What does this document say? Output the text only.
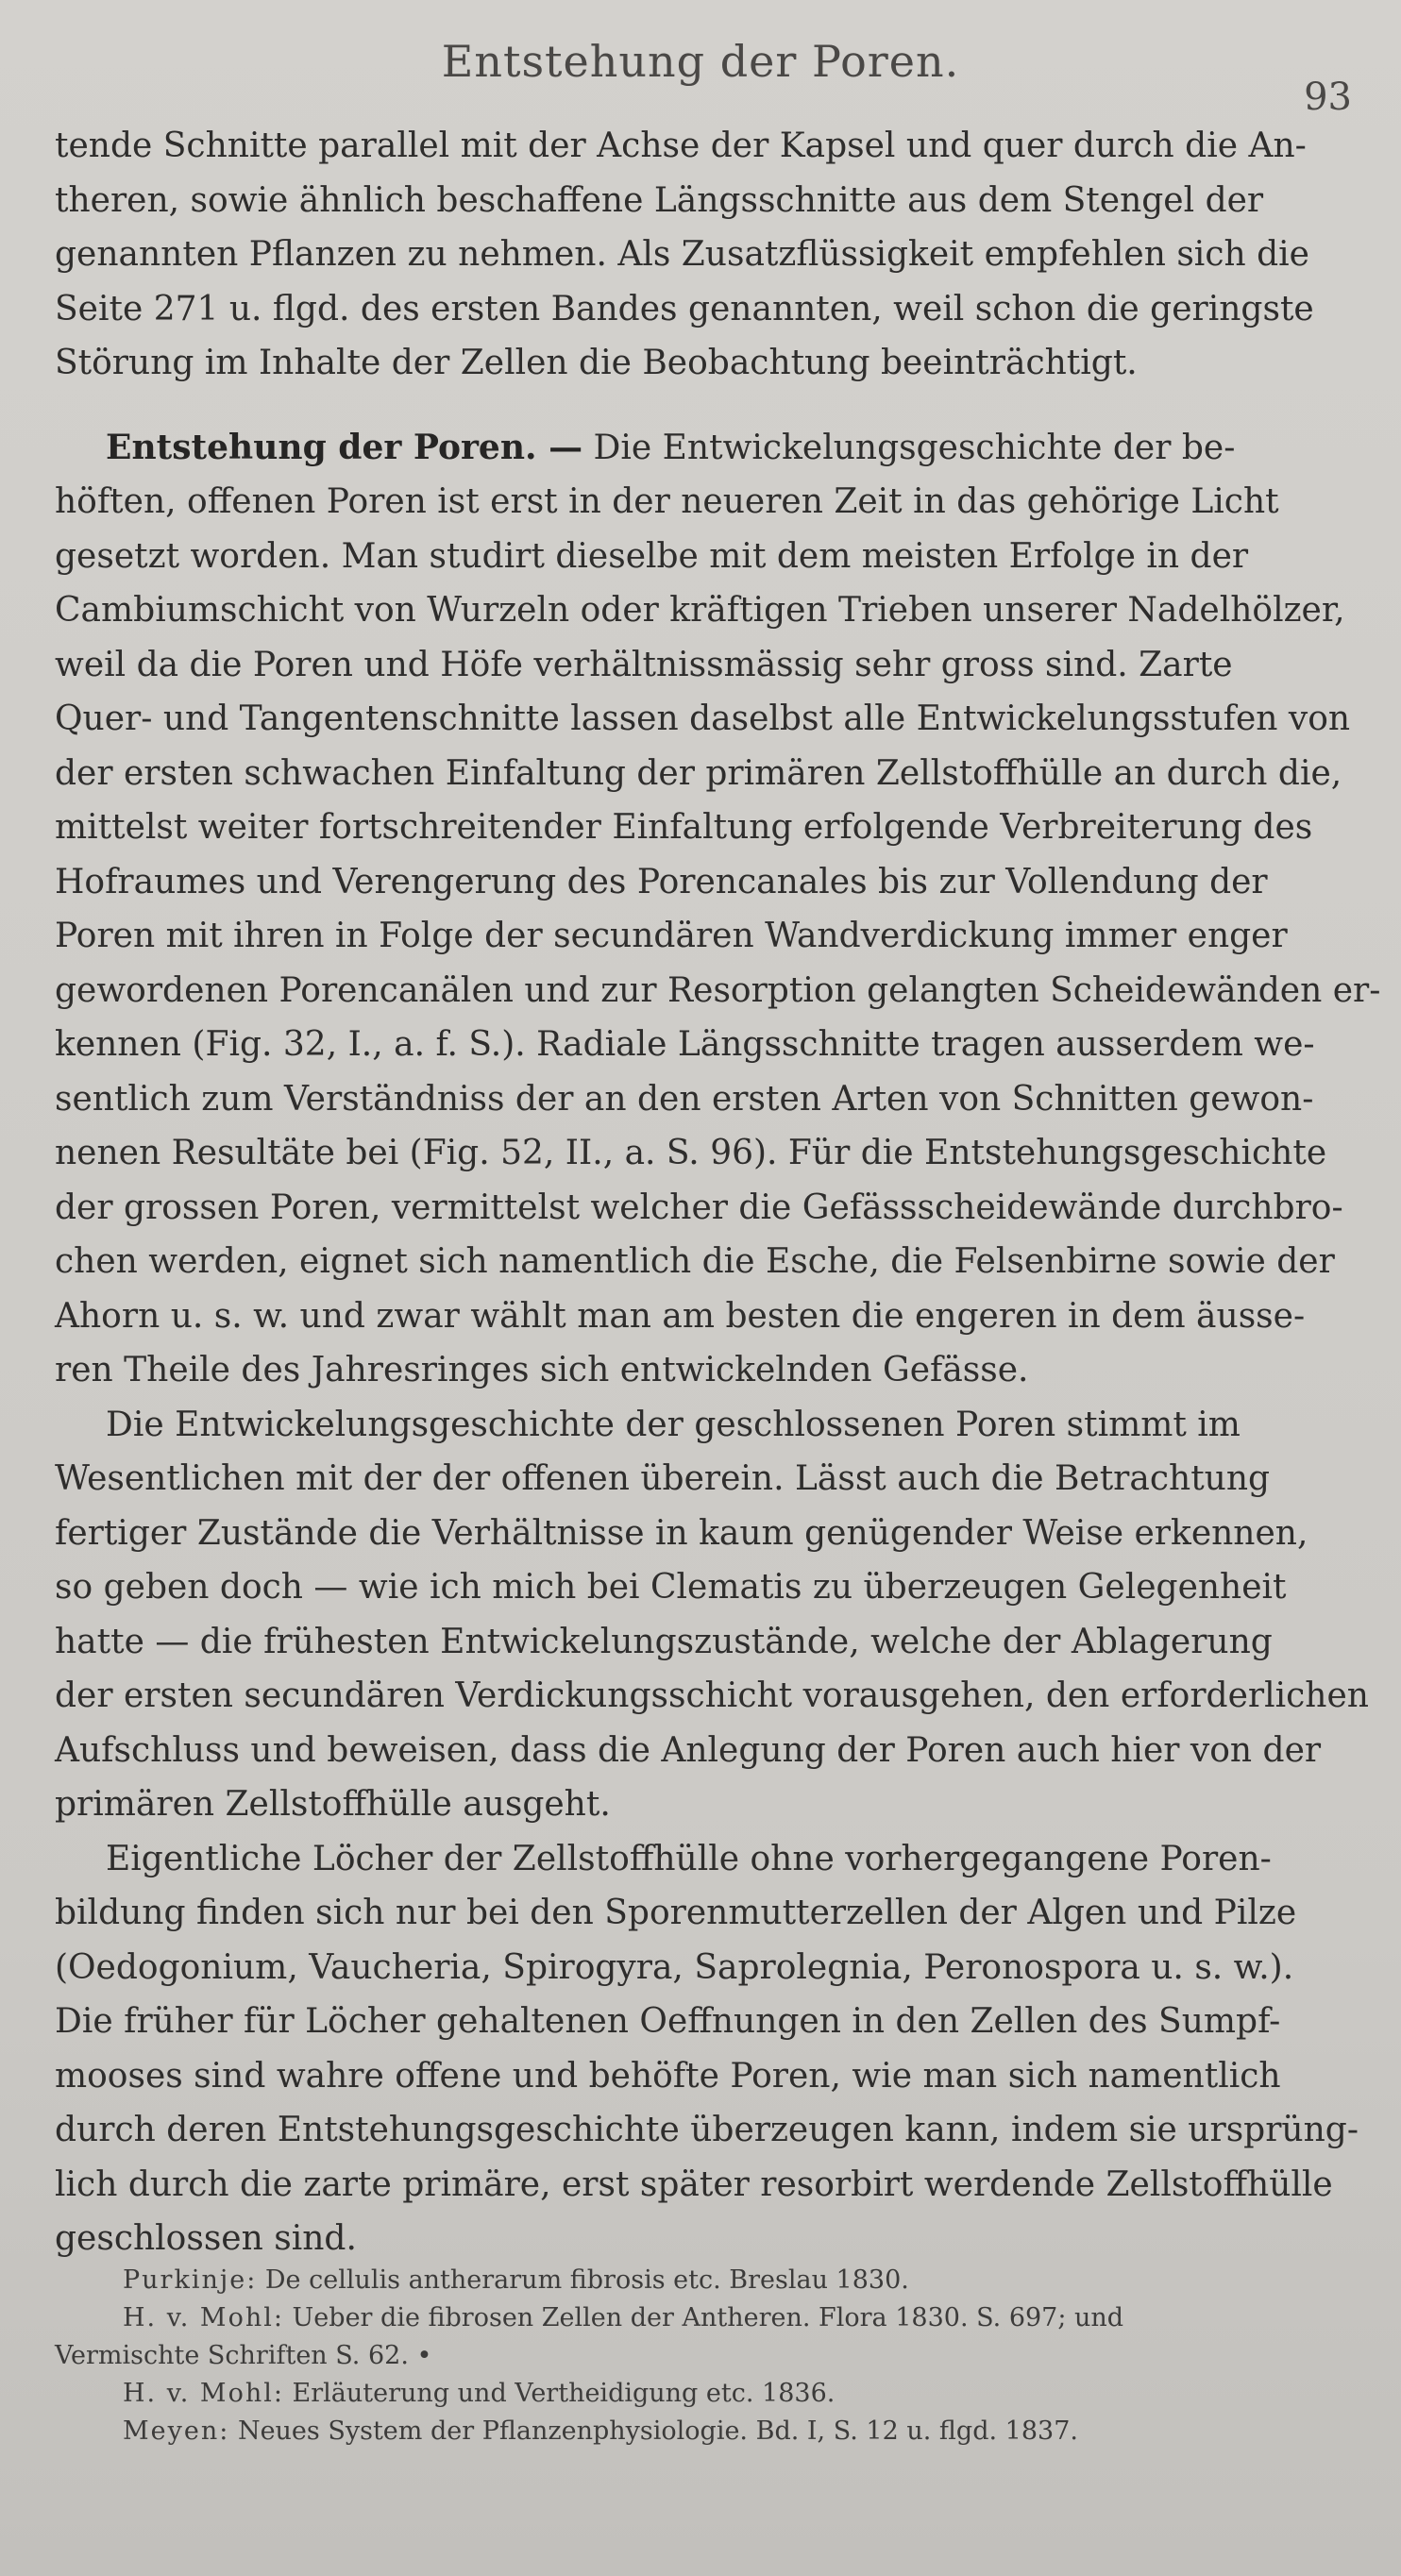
Entstehung der Poren.
93
tende Schnitte parallel mit der Achse der Kapsel und quer durch die An-
theren, sowie ähnlich beschaffene Längsschnitte aus dem Stengel der
genannten Pflanzen zu nehmen. Als Zusatzflüssigkeit empfehlen sich die
Seite 271 u. flgd. des ersten Bandes genannten, weil schon die geringste
Störung im Inhalte der Zellen die Beobachtung beeinträchtigt.
Entstehung der Poren. — Die Entwickelungsgeschichte der be-
höften, offenen Poren ist erst in der neueren Zeit in das gehörige Licht
gesetzt worden. Man studirt dieselbe mit dem meisten Erfolge in der
Cambiumschicht von Wurzeln oder kräftigen Trieben unserer Nadelhölzer,
weil da die Poren und Höfe verhältnissmässig sehr gross sind. Zarte
Quer- und Tangentenschnitte lassen daselbst alle Entwickelungsstufen von
der ersten schwachen Einfaltung der primären Zellstoffhülle an durch die,
mittelst weiter fortschreitender Einfaltung erfolgende Verbreiterung des
Hofraumes und Verengerung des Porencanales bis zur Vollendung der
Poren mit ihren in Folge der secundären Wandverdickung immer enger
gewordenen Porencanälen und zur Resorption gelangten Scheidewänden er-
kennen (Fig. 32, I., a. f. S.). Radiale Längsschnitte tragen ausserdem we-
sentlich zum Verständniss der an den ersten Arten von Schnitten gewon-
nenen Resultäte bei (Fig. 52, II., a. S. 96). Für die Entstehungsgeschichte
der grossen Poren, vermittelst welcher die Gefässscheidewände durchbro-
chen werden, eignet sich namentlich die Esche, die Felsenbirne sowie der
Ahorn u. s. w. und zwar wählt man am besten die engeren in dem äusse-
ren Theile des Jahresringes sich entwickelnden Gefässe.
Die Entwickelungsgeschichte der geschlossenen Poren stimmt im
Wesentlichen mit der der offenen überein. Lässt auch die Betrachtung
fertiger Zustände die Verhältnisse in kaum genügender Weise erkennen,
so geben doch — wie ich mich bei Clematis zu überzeugen Gelegenheit
hatte — die frühesten Entwickelungszustände, welche der Ablagerung
der ersten secundären Verdickungsschicht vorausgehen, den erforderlichen
Aufschluss und beweisen, dass die Anlegung der Poren auch hier von der
primären Zellstoffhülle ausgeht.
Eigentliche Löcher der Zellstoffhülle ohne vorhergegangene Poren-
bildung finden sich nur bei den Sporenmutterzellen der Algen und Pilze
(Oedogonium, Vaucheria, Spirogyra, Saprolegnia, Peronospora u. s. w.).
Die früher für Löcher gehaltenen Oeffnungen in den Zellen des Sumpf-
mooses sind wahre offene und behöfte Poren, wie man sich namentlich
durch deren Entstehungsgeschichte überzeugen kann, indem sie ursprüng-
lich durch die zarte primäre, erst später resorbirt werdende Zellstoffhülle
geschlossen sind.
Purkinje: De cellulis antherarum fibrosis etc. Breslau 1830.
H. v. Mohl: Ueber die fibrosen Zellen der Antheren. Flora 1830. S. 697; und
Vermischte Schriften S. 62. •
H. v. Mohl: Erläuterung und Vertheidigung etc. 1836.
Meyen: Neues System der Pflanzenphysiologie. Bd. I, S. 12 u. flgd. 1837.
